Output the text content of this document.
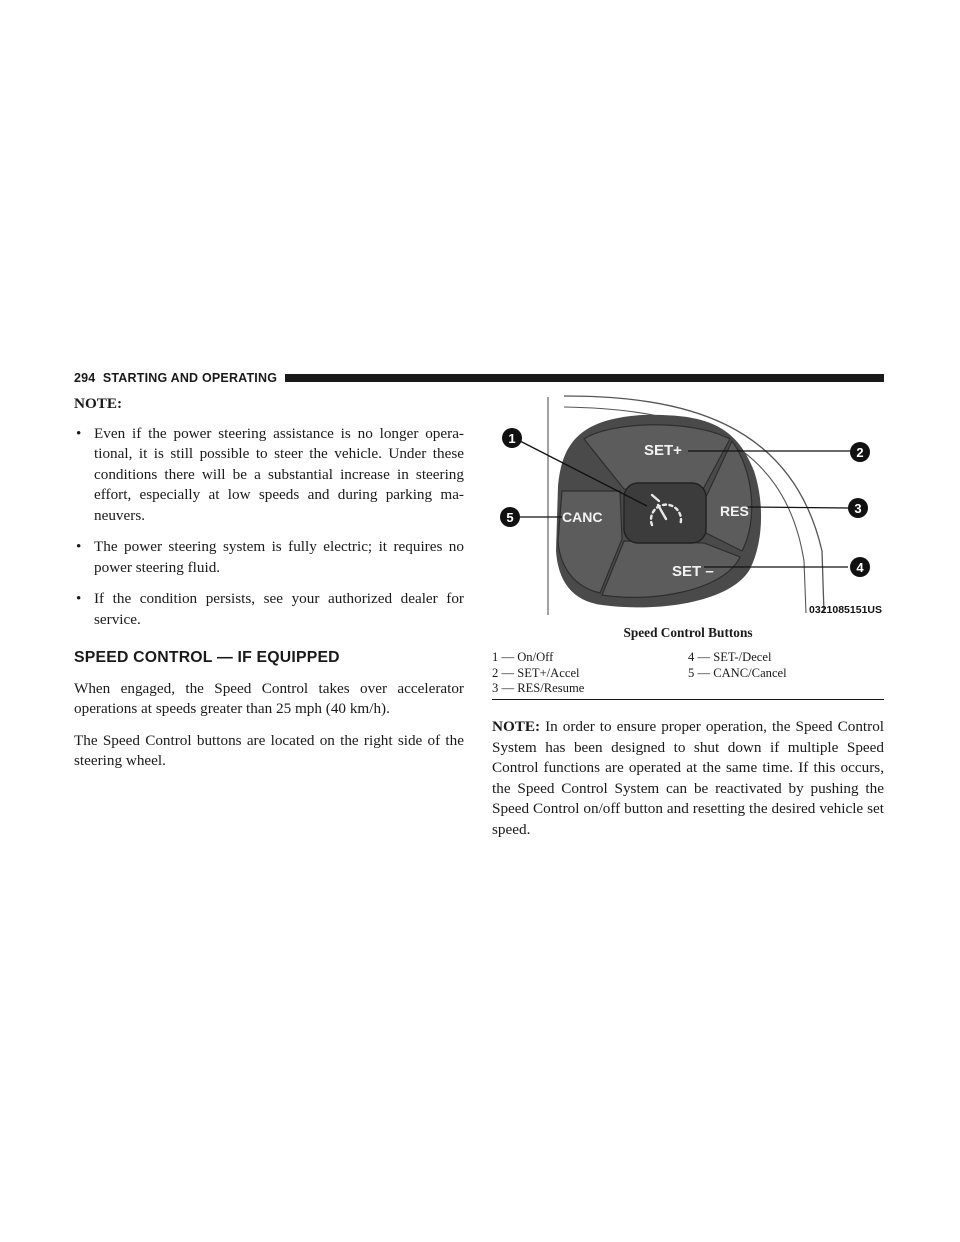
294 STARTING AND OPERATING
NOTE:
• Even if the power steering assistance is no longer opera-tional, it is still possible to steer the vehicle. Under these conditions there will be a substantial increase in steering effort, especially at low speeds and during parking ma-neuvers.
• The power steering system is fully electric; it requires no power steering fluid.
• If the condition persists, see your authorized dealer for service.
SPEED CONTROL — IF EQUIPPED

When engaged, the Speed Control takes over accelerator operations at speeds greater than 25 mph (40 km/h).

The Speed Control buttons are located on the right side of the steering wheel.

SET+
RES
CANC
SET –
1
2
3
4
5
0321085151US
Speed Control Buttons
1 — On/Off	4 — SET-/Decel
2 — SET+/Accel	5 — CANC/Cancel
3 — RES/Resume

NOTE: In order to ensure proper operation, the Speed Control System has been designed to shut down if multiple Speed Control functions are operated at the same time. If this occurs, the Speed Control System can be reactivated by pushing the Speed Control on/off button and resetting the desired vehicle set speed.
